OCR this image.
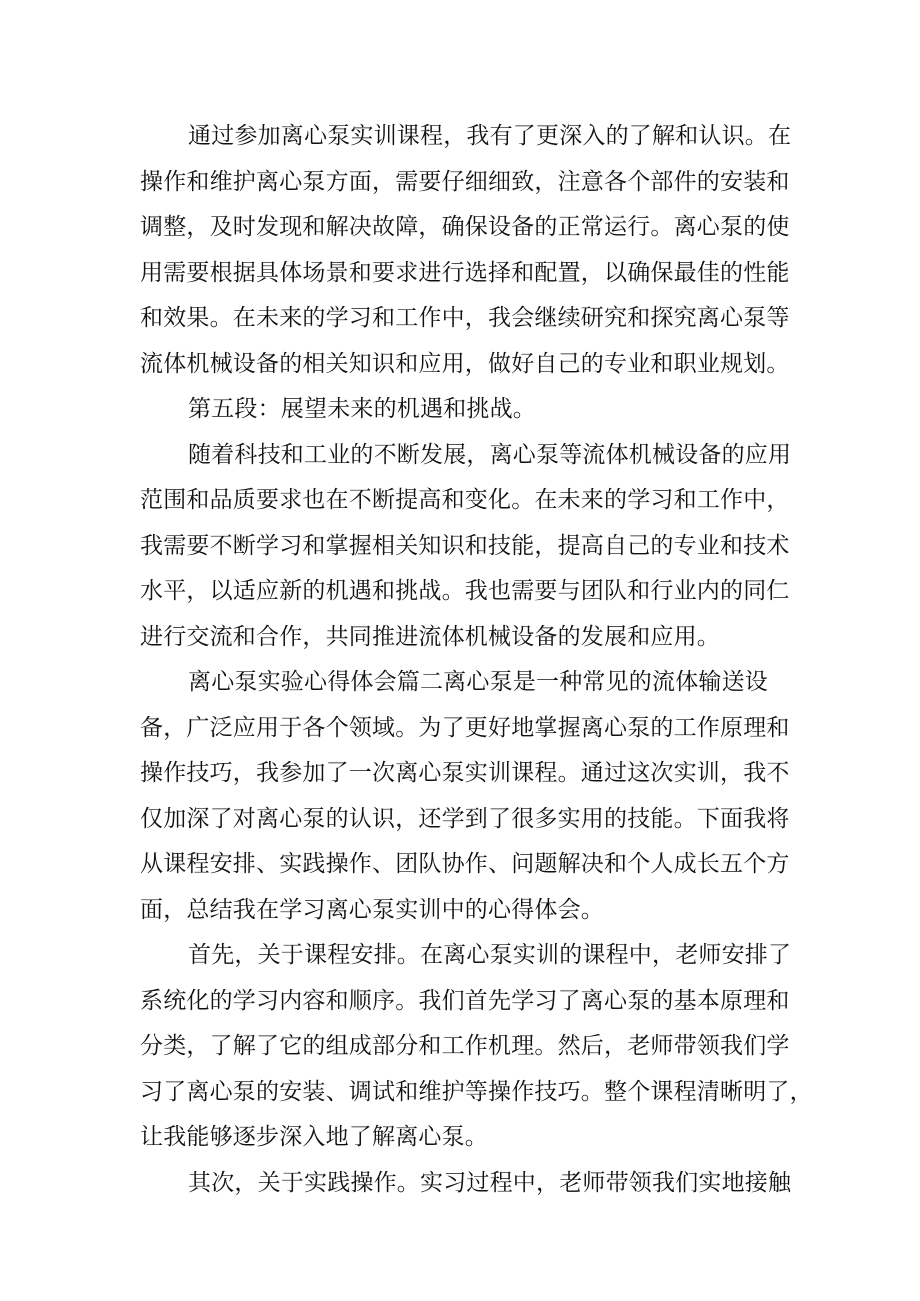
通过参加离心泵实训课程，我有了更深入的了解和认识。在
操作和维护离心泵方面，需要仔细细致，注意各个部件的安装和
调整，及时发现和解决故障，确保设备的正常运行。离心泵的使
用需要根据具体场景和要求进行选择和配置，以确保最佳的性能
和效果。在未来的学习和工作中，我会继续研究和探究离心泵等
流体机械设备的相关知识和应用，做好自己的专业和职业规划。
第五段：展望未来的机遇和挑战。
随着科技和工业的不断发展，离心泵等流体机械设备的应用
范围和品质要求也在不断提高和变化。在未来的学习和工作中，
我需要不断学习和掌握相关知识和技能，提高自己的专业和技术
水平，以适应新的机遇和挑战。我也需要与团队和行业内的同仁
进行交流和合作，共同推进流体机械设备的发展和应用。
离心泵实验心得体会篇二离心泵是一种常见的流体输送设
备，广泛应用于各个领域。为了更好地掌握离心泵的工作原理和
操作技巧，我参加了一次离心泵实训课程。通过这次实训，我不
仅加深了对离心泵的认识，还学到了很多实用的技能。下面我将
从课程安排、实践操作、团队协作、问题解决和个人成长五个方
面，总结我在学习离心泵实训中的心得体会。
首先，关于课程安排。在离心泵实训的课程中，老师安排了
系统化的学习内容和顺序。我们首先学习了离心泵的基本原理和
分类，了解了它的组成部分和工作机理。然后，老师带领我们学
习了离心泵的安装、调试和维护等操作技巧。整个课程清晰明了，
让我能够逐步深入地了解离心泵。
其次，关于实践操作。实习过程中，老师带领我们实地接触
